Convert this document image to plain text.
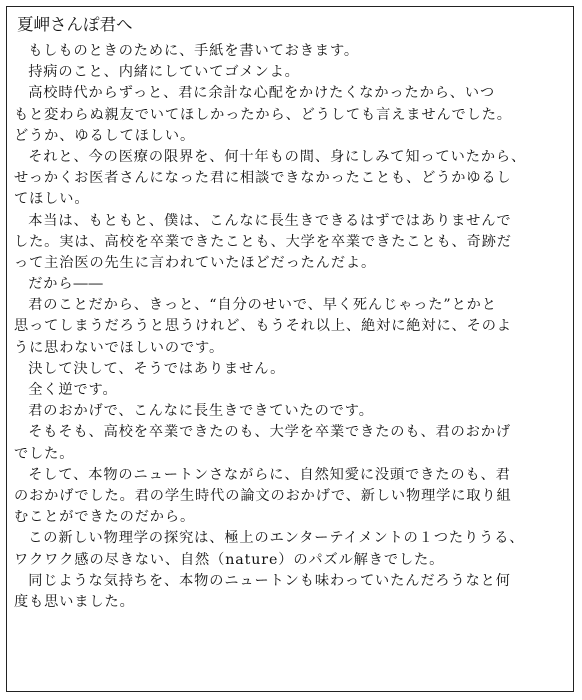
夏岬さんぽ君へ
もしものときのために、手紙を書いておきます。
持病のこと、内緒にしていてゴメンよ。
高校時代からずっと、君に余計な心配をかけたくなかったから、いつ
もと変わらぬ親友でいてほしかったから、どうしても言えませんでした。
どうか、ゆるしてほしい。
それと、今の医療の限界を、何十年もの間、身にしみて知っていたから、
せっかくお医者さんになった君に相談できなかったことも、どうかゆるし
てほしい。
本当は、もともと、僕は、こんなに長生きできるはずではありませんで
した。実は、高校を卒業できたことも、大学を卒業できたことも、奇跡だ
って主治医の先生に言われていたほどだったんだよ。
だから――
君のことだから、きっと、“自分のせいで、早く死んじゃった”とかと
思ってしまうだろうと思うけれど、もうそれ以上、絶対に絶対に、そのよ
うに思わないでほしいのです。
決して決して、そうではありません。
全く逆です。
君のおかげで、こんなに長生きできていたのです。
そもそも、高校を卒業できたのも、大学を卒業できたのも、君のおかげ
でした。
そして、本物のニュートンさながらに、自然知愛に没頭できたのも、君
のおかげでした。君の学生時代の論文のおかげで、新しい物理学に取り組
むことができたのだから。
この新しい物理学の探究は、極上のエンターテイメントの１つたりうる、
ワクワク感の尽きない、自然（nature）のパズル解きでした。
同じような気持ちを、本物のニュートンも味わっていたんだろうなと何
度も思いました。
